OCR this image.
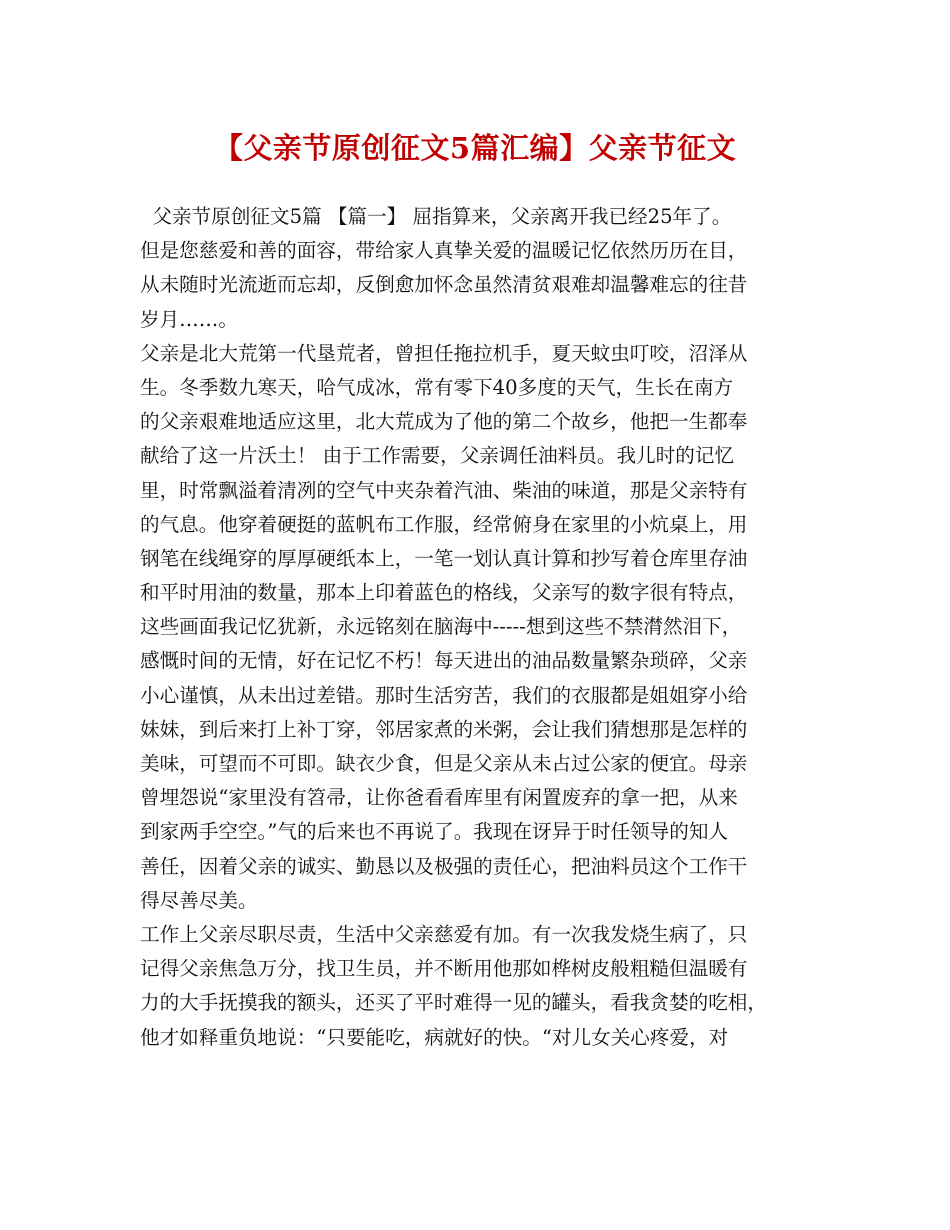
【父亲节原创征文5篇汇编】父亲节征文
父亲节原创征文5篇 【篇一】 屈指算来，父亲离开我已经25年了。
但是您慈爱和善的面容，带给家人真挚关爱的温暖记忆依然历历在目，
从未随时光流逝而忘却，反倒愈加怀念虽然清贫艰难却温馨难忘的往昔
岁月……。
父亲是北大荒第一代垦荒者，曾担任拖拉机手，夏天蚊虫叮咬，沼泽从
生。冬季数九寒天，哈气成冰，常有零下40多度的天气，生长在南方
的父亲艰难地适应这里，北大荒成为了他的第二个故乡，他把一生都奉
献给了这一片沃土！ 由于工作需要，父亲调任油料员。我儿时的记忆
里，时常飘溢着清冽的空气中夹杂着汽油、柴油的味道，那是父亲特有
的气息。他穿着硬挺的蓝帆布工作服，经常俯身在家里的小炕桌上，用
钢笔在线绳穿的厚厚硬纸本上，一笔一划认真计算和抄写着仓库里存油
和平时用油的数量，那本上印着蓝色的格线，父亲写的数字很有特点，
这些画面我记忆犹新，永远铭刻在脑海中-----想到这些不禁潸然泪下，
感慨时间的无情，好在记忆不朽！每天进出的油品数量繁杂琐碎，父亲
小心谨慎，从未出过差错。那时生活穷苦，我们的衣服都是姐姐穿小给
妹妹，到后来打上补丁穿，邻居家煮的米粥，会让我们猜想那是怎样的
美味，可望而不可即。缺衣少食，但是父亲从未占过公家的便宜。母亲
曾埋怨说“家里没有笤帚，让你爸看看库里有闲置废弃的拿一把，从来
到家两手空空。”气的后来也不再说了。我现在讶异于时任领导的知人
善任，因着父亲的诚实、勤恳以及极强的责任心，把油料员这个工作干
得尽善尽美。
工作上父亲尽职尽责，生活中父亲慈爱有加。有一次我发烧生病了，只
记得父亲焦急万分，找卫生员，并不断用他那如桦树皮般粗糙但温暖有
力的大手抚摸我的额头，还买了平时难得一见的罐头，看我贪婪的吃相，
他才如释重负地说：“只要能吃，病就好的快。“对儿女关心疼爱，对
